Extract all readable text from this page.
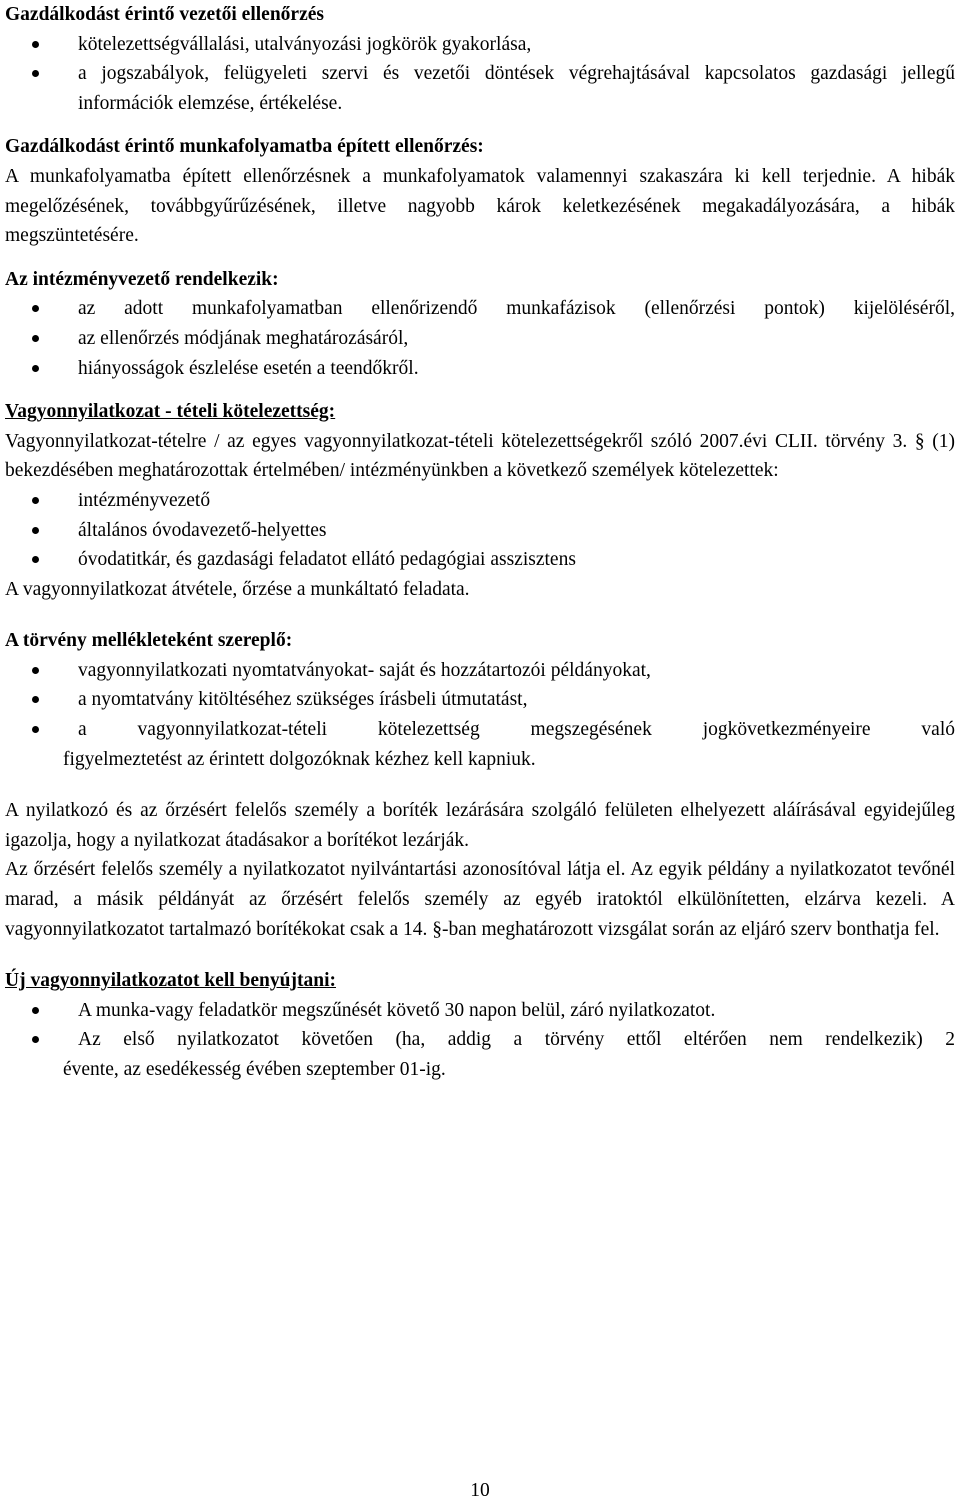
Gazdálkodást érintő vezetői ellenőrzés

kötelezettségvállalási, utalványozási jogkörök gyakorlása,
a jogszabályok, felügyeleti szervi és vezetői döntések végrehajtásával kapcsolatos gazdasági jellegű információk elemzése, értékelése.

Gazdálkodást érintő munkafolyamatba épített ellenőrzés:

A munkafolyamatba épített ellenőrzésnek a munkafolyamatok valamennyi szakaszára ki kell terjednie. A hibák megelőzésének, továbbgyűrűzésének, illetve nagyobb károk keletkezésének megakadályozására, a hibák megszüntetésére.

Az intézményvezető rendelkezik:

az adott munkafolyamatban ellenőrizendő munkafázisok (ellenőrzési pontok) kijelöléséről,
az ellenőrzés módjának meghatározásáról,
hiányosságok észlelése esetén a teendőkről.

Vagyonnyilatkozat - tételi kötelezettség:

Vagyonnyilatkozat-tételre / az egyes vagyonnyilatkozat-tételi kötelezettségekről szóló 2007.évi CLII. törvény 3. § (1) bekezdésében meghatározottak értelmében/ intézményünkben a következő személyek kötelezettek:

intézményvezető
általános óvodavezető-helyettes
óvodatitkár, és gazdasági feladatot ellátó pedagógiai asszisztens

A vagyonnyilatkozat átvétele, őrzése a munkáltató feladata.

A törvény mellékleteként szereplő:

vagyonnyilatkozati nyomtatványokat- saját és hozzátartozói példányokat,
a nyomtatvány kitöltéséhez szükséges írásbeli útmutatást,
a vagyonnyilatkozat-tételi kötelezettség megszegésének jogkövetkezményeire való
figyelmeztetést az érintett dolgozóknak kézhez kell kapniuk.

A nyilatkozó és az őrzésért felelős személy a boríték lezárására szolgáló felületen elhelyezett aláírásával egyidejűleg igazolja, hogy a nyilatkozat átadásakor a borítékot lezárják.

Az őrzésért felelős személy a nyilatkozatot nyilvántartási azonosítóval látja el. Az egyik példány a nyilatkozatot tevőnél marad, a másik példányát az őrzésért felelős személy az egyéb iratoktól elkülönítetten, elzárva kezeli. A vagyonnyilatkozatot tartalmazó borítékokat csak a 14. §-ban meghatározott vizsgálat során az eljáró szerv bonthatja fel.

Új vagyonnyilatkozatot kell benyújtani:

A munka-vagy feladatkör megszűnését követő 30 napon belül, záró nyilatkozatot.
Az első nyilatkozatot követően (ha, addig a törvény ettől eltérően nem rendelkezik) 2
évente, az esedékesség évében szeptember 01-ig.
10
